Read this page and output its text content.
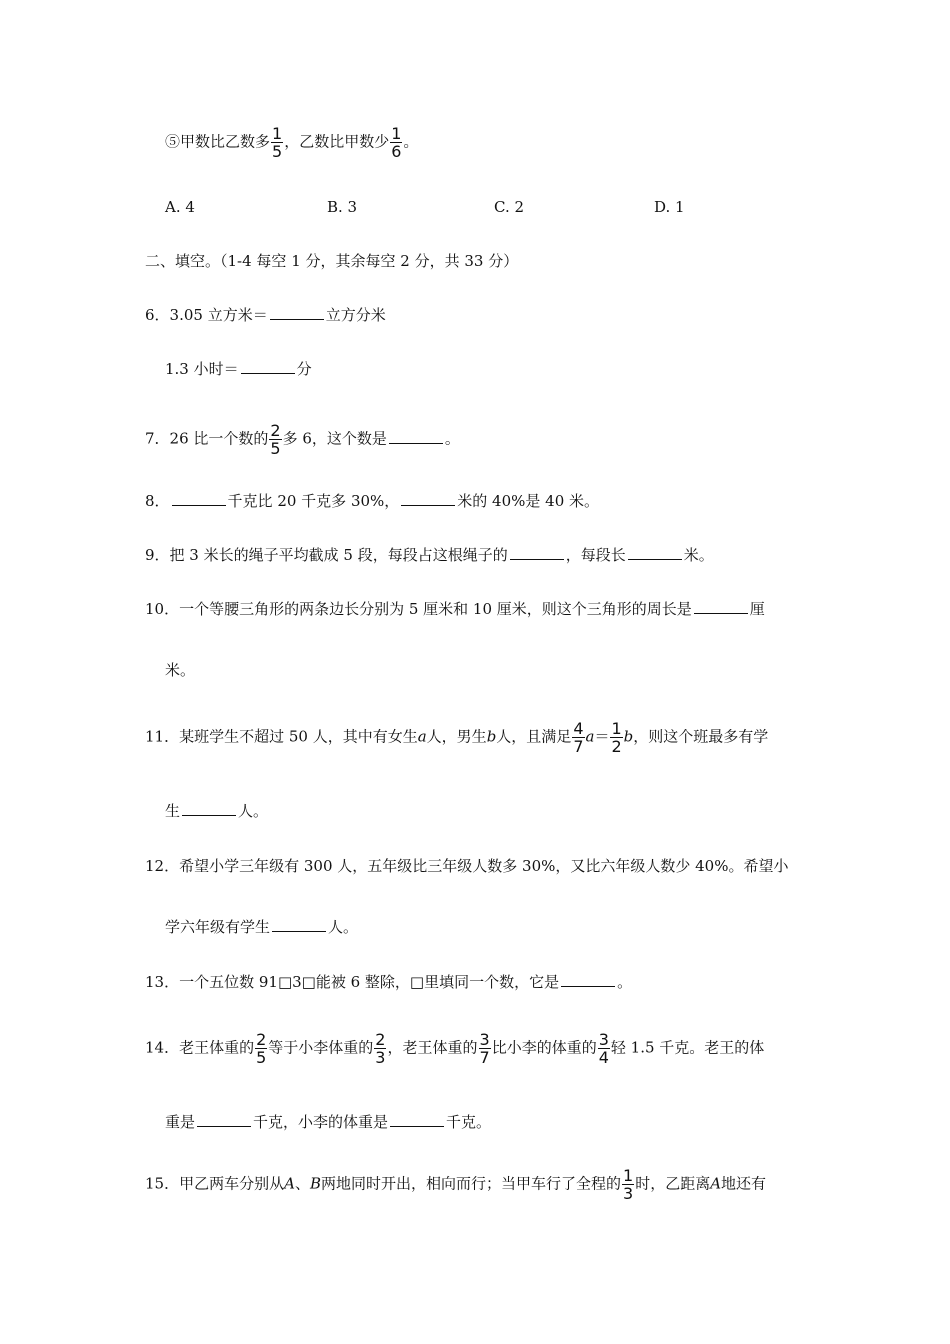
⑤甲数比乙数多 $\frac{1}{5}$ ，乙数比甲数少 $\frac{1}{6}$ 。
A. 4	B. 3	C. 2	D. 1
二、填空。（1-4 每空 1 分，其余每空 2 分，共 33 分）
6．3.05 立方米＝	立方分米
1.3 小时＝	分
7．26 比一个数的 $\frac{2}{5}$ 多 6，这个数是	。
8．	千克比 20 千克多 30%，	米的 40%是 40 米。
9．把 3 米长的绳子平均截成 5 段，每段占这根绳子的	，每段长	米。
10．一个等腰三角形的两条边长分别为 5 厘米和 10 厘米，则这个三角形的周长是	厘
米。
11．某班学生不超过 50 人，其中有女生a人，男生b人，且满足 $\frac{4}{7} a= \frac{1}{2}$ b，则这个班最多有学
生	人。
12．希望小学三年级有 300 人，五年级比三年级人数多 30%，又比六年级人数少 40%。希望小
学六年级有学生	人。
13．一个五位数 91□3□能被 6 整除，□里填同一个数，它是	。
14．老王体重的 $\frac{2}{5}$ 等于小李体重的 $\frac{2}{3}$ ，老王体重的 $\frac{3}{7}$ 比小李的体重的 $\frac{3}{4}$ 轻 1.5 千克。老王的体
重是	千克，小李的体重是	千克。
15．甲乙两车分别从A、B两地同时开出，相向而行；当甲车行了全程的 $\frac{1}{3}$ 时，乙距离A地还有
